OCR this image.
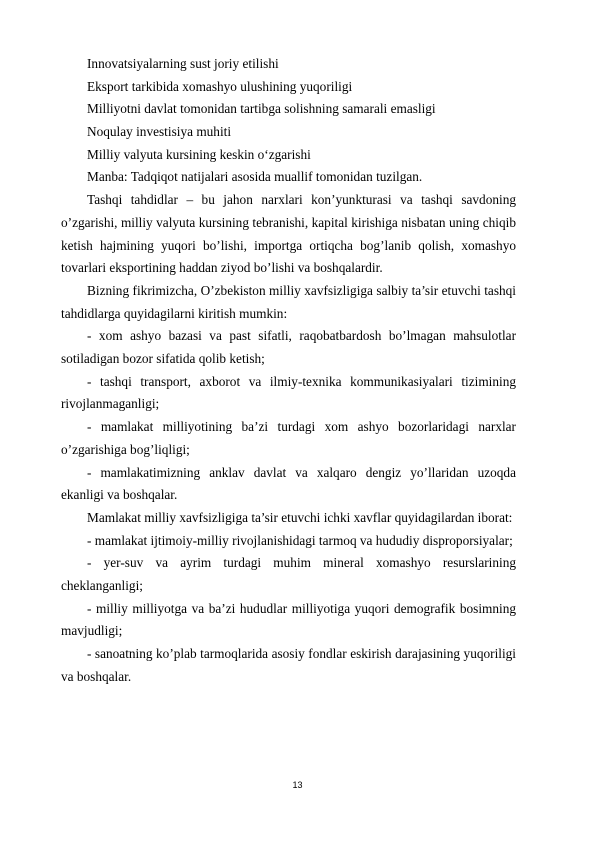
Innovatsiyalarning sust joriy etilishi
Eksport tarkibida xomashyo ulushining yuqoriligi
Milliyotni davlat tomonidan tartibga solishning samarali emasligi
Noqulay investisiya muhiti
Milliy valyuta kursining keskin o‘zgarishi
Manba: Tadqiqot natijalari asosida muallif tomonidan tuzilgan.

Tashqi tahdidlar – bu jahon narxlari kon’yunkturasi va tashqi savdoning o’zgarishi, milliy valyuta kursining tebranishi, kapital kirishiga nisbatan uning chiqib ketish hajmining yuqori bo’lishi, importga ortiqcha bog’lanib qolish, xomashyo tovarlari eksportining haddan ziyod bo’lishi va boshqalardir.

Bizning fikrimizcha, O’zbekiston milliy xavfsizligiga salbiy ta’sir etuvchi tashqi tahdidlarga quyidagilarni kiritish mumkin:

- xom ashyo bazasi va past sifatli, raqobatbardosh bo’lmagan mahsulotlar sotiladigan bozor sifatida qolib ketish;

- tashqi transport, axborot va ilmiy-texnika kommunikasiyalari tizimining rivojlanmaganligi;

- mamlakat milliyotining ba’zi turdagi xom ashyo bozorlaridagi narxlar o’zgarishiga bog’liqligi;

- mamlakatimizning anklav davlat va xalqaro dengiz yo’llaridan uzoqda ekanligi va boshqalar.

Mamlakat milliy xavfsizligiga ta’sir etuvchi ichki xavflar quyidagilardan iborat:

- mamlakat ijtimoiy-milliy rivojlanishidagi tarmoq va hududiy disproporsiyalar;

- yer-suv va ayrim turdagi muhim mineral xomashyo resurslarining cheklanganligi;

- milliy milliyotga va ba’zi hududlar milliyotiga yuqori demografik bosimning mavjudligi;

- sanoatning ko’plab tarmoqlarida asosiy fondlar eskirish darajasining yuqoriligi va boshqalar.

13
